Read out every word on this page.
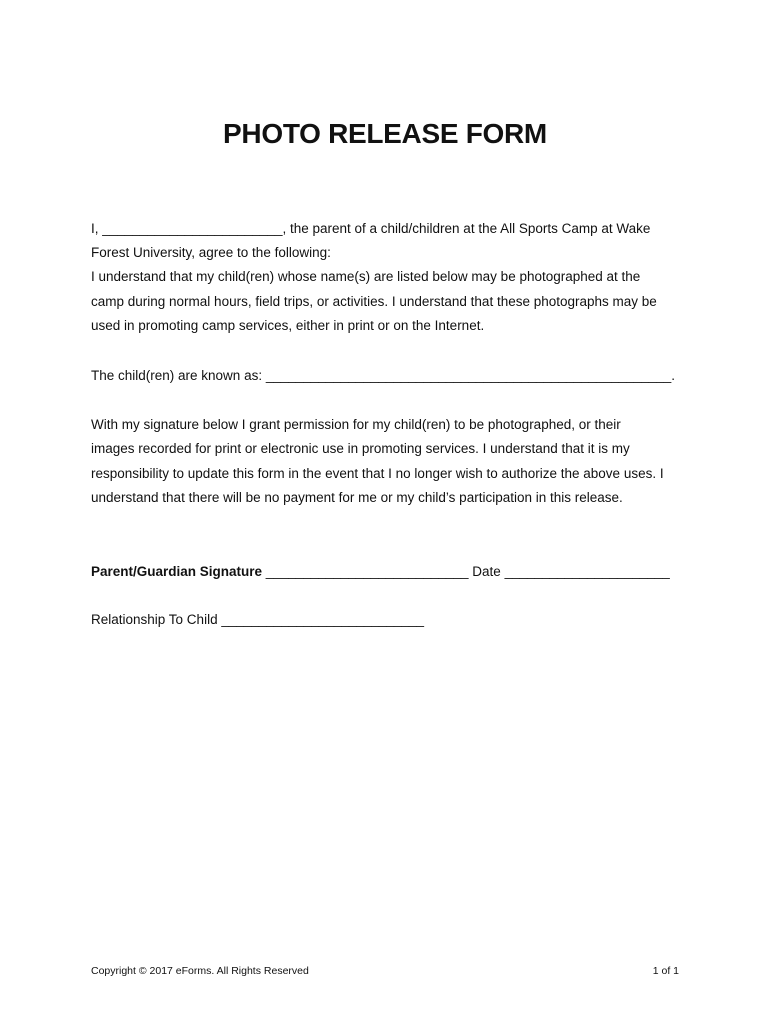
PHOTO RELEASE FORM
I, ________________________, the parent of a child/children at the All Sports Camp at Wake
Forest University, agree to the following:
I understand that my child(ren) whose name(s) are listed below may be photographed at the
camp during normal hours, field trips, or activities. I understand that these photographs may be
used in promoting camp services, either in print or on the Internet.
The child(ren) are known as: ______________________________________________________.
With my signature below I grant permission for my child(ren) to be photographed, or their
images recorded for print or electronic use in promoting services. I understand that it is my
responsibility to update this form in the event that I no longer wish to authorize the above uses. I
understand that there will be no payment for me or my child’s participation in this release.
Parent/Guardian Signature ___________________________ Date ______________________
Relationship To Child ___________________________
Copyright © 2017 eForms. All Rights Reserved	1 of 1
